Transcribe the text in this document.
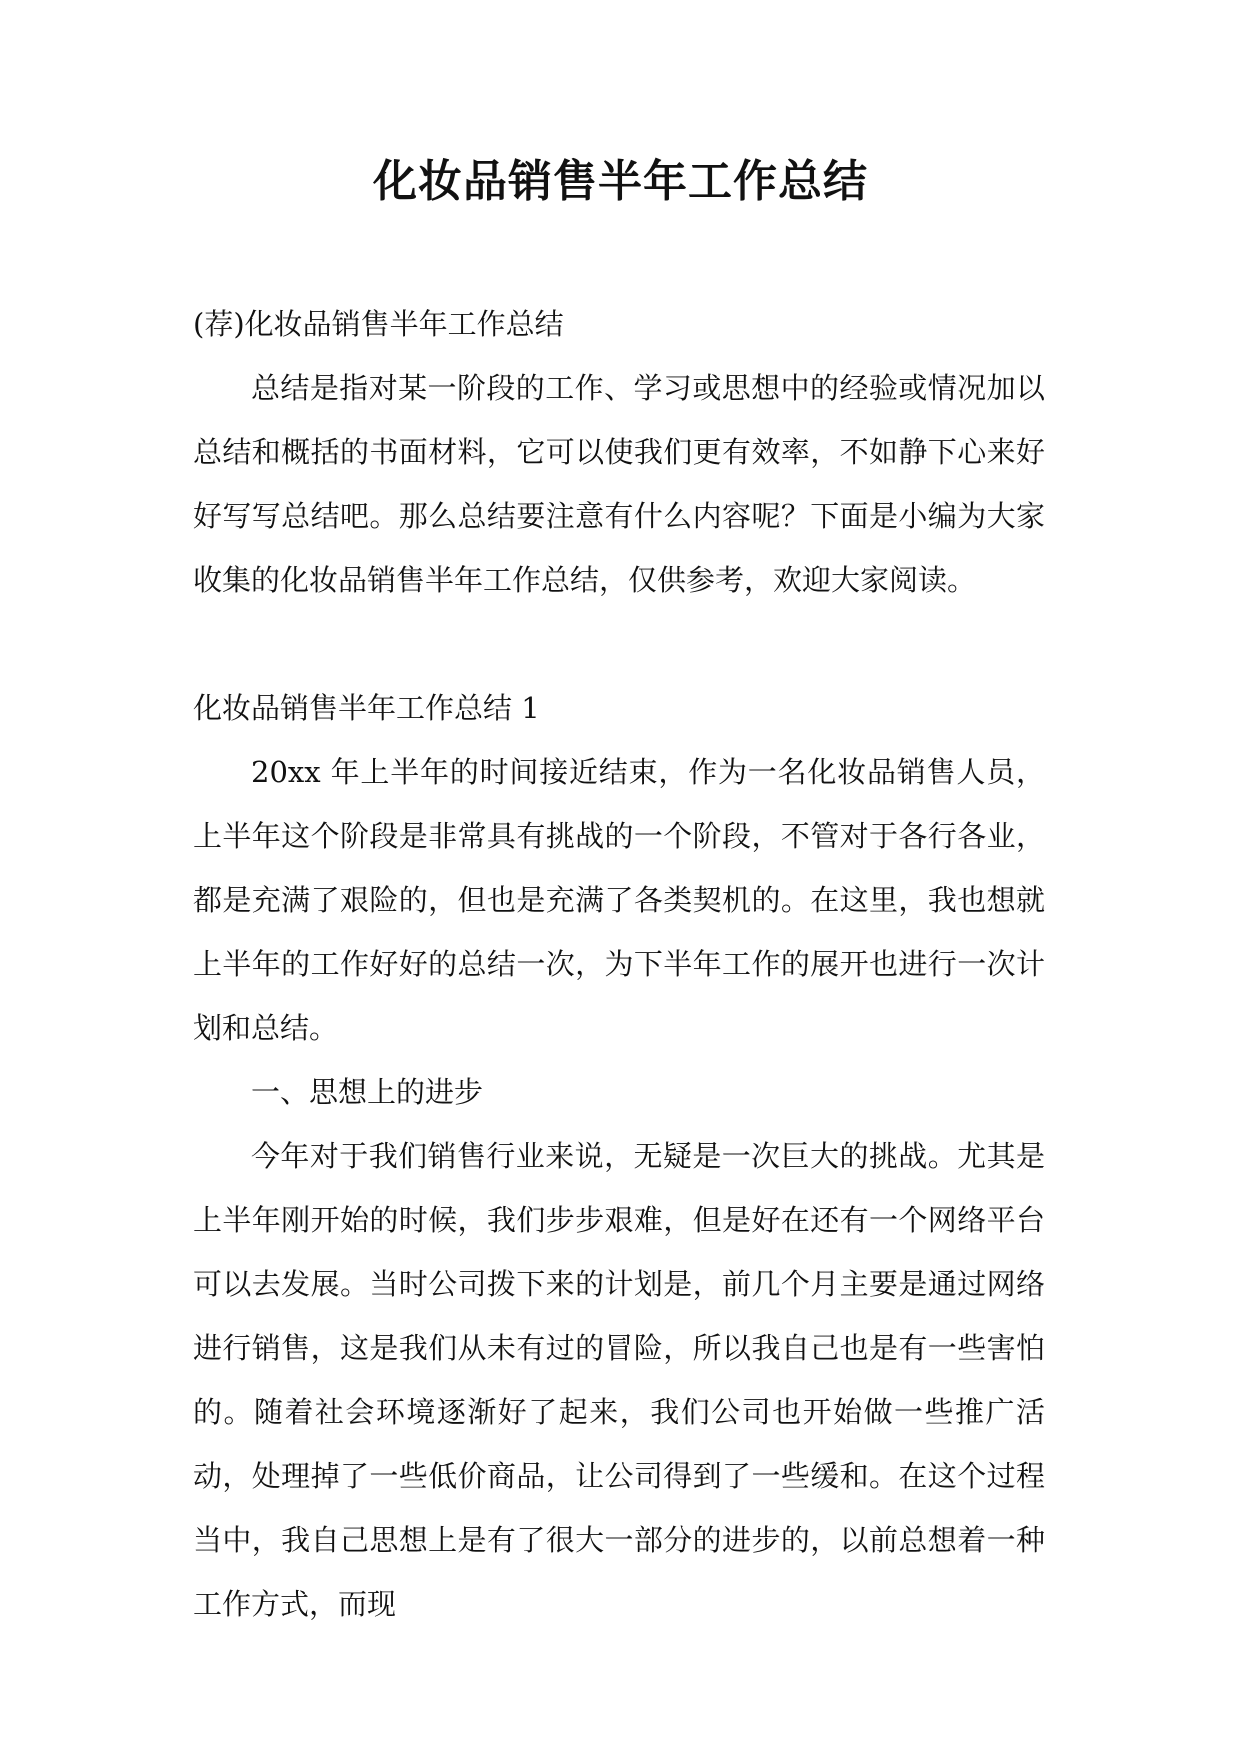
化妆品销售半年工作总结

(荐)化妆品销售半年工作总结

总结是指对某一阶段的工作、学习或思想中的经验或情况加以总结和概括的书面材料，它可以使我们更有效率，不如静下心来好好写写总结吧。那么总结要注意有什么内容呢？下面是小编为大家收集的化妆品销售半年工作总结，仅供参考，欢迎大家阅读。

化妆品销售半年工作总结 1

20xx 年上半年的时间接近结束，作为一名化妆品销售人员，上半年这个阶段是非常具有挑战的一个阶段，不管对于各行各业，都是充满了艰险的，但也是充满了各类契机的。在这里，我也想就上半年的工作好好的总结一次，为下半年工作的展开也进行一次计划和总结。

一、思想上的进步

今年对于我们销售行业来说，无疑是一次巨大的挑战。尤其是上半年刚开始的时候，我们步步艰难，但是好在还有一个网络平台可以去发展。当时公司拨下来的计划是，前几个月主要是通过网络进行销售，这是我们从未有过的冒险，所以我自己也是有一些害怕的。随着社会环境逐渐好了起来，我们公司也开始做一些推广活动，处理掉了一些低价商品，让公司得到了一些缓和。在这个过程当中，我自己思想上是有了很大一部分的进步的，以前总想着一种工作方式，而现
